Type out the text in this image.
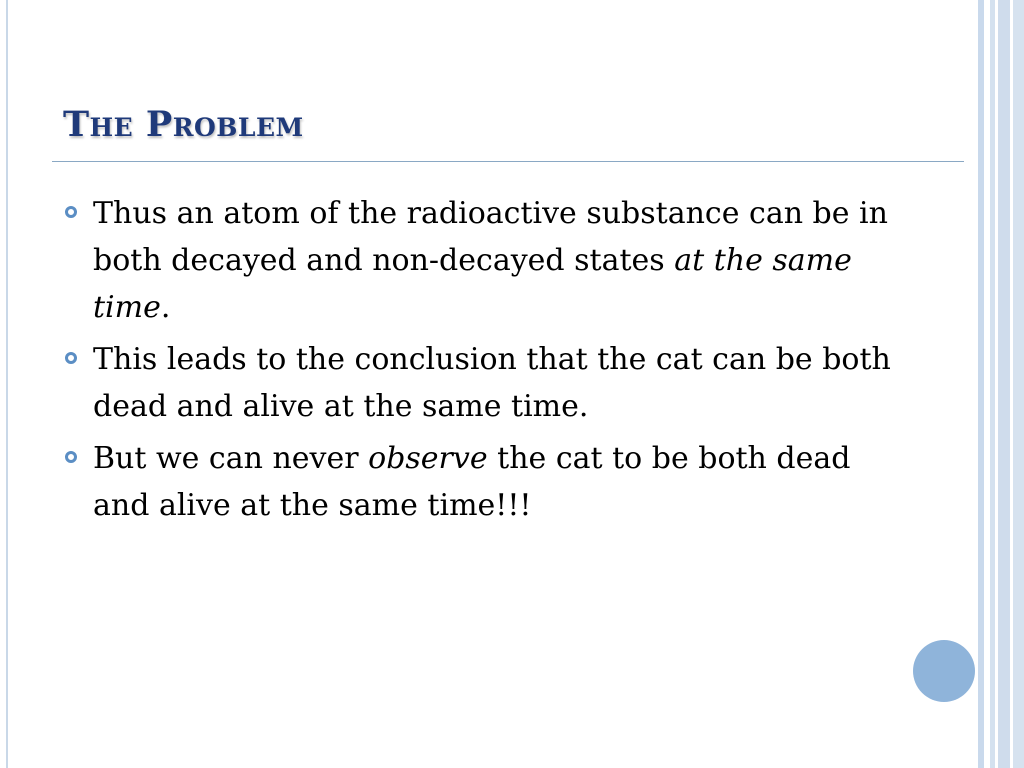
The Problem
Thus an atom of the radioactive substance can be in both decayed and non-decayed states at the same time.
This leads to the conclusion that the cat can be both dead and alive at the same time.
But we can never observe the cat to be both dead and alive at the same time!!!
